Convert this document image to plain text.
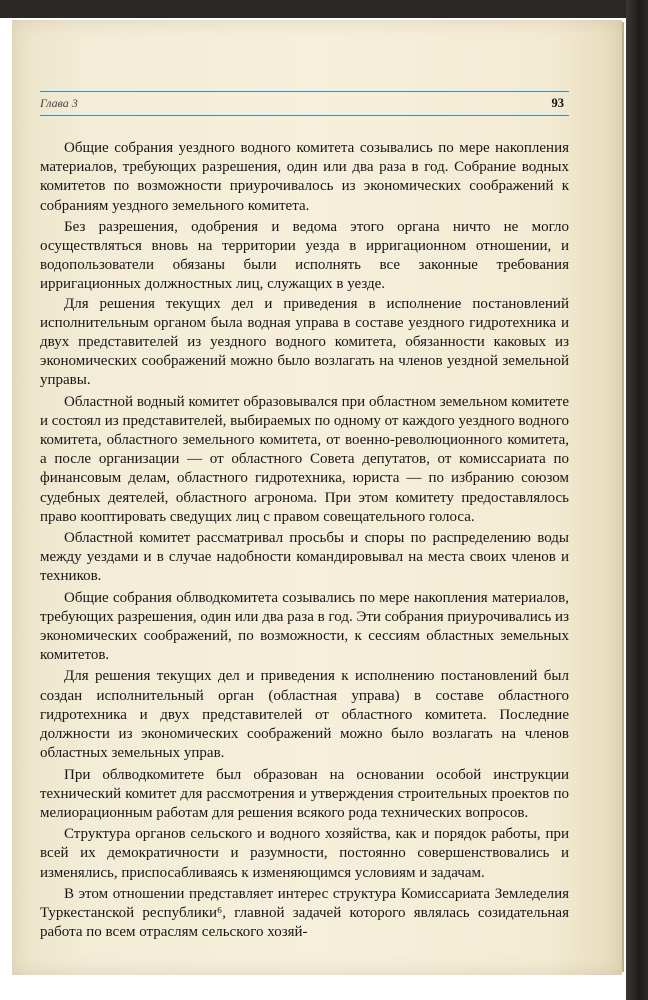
Глава 3	93

Общие собрания уездного водного комитета созывались по мере накопления материалов, требующих разрешения, один или два раза в год. Собрание водных комитетов по возможности приурочивалось из экономических соображений к собраниям уездного земельного комитета.

Без разрешения, одобрения и ведома этого органа ничто не могло осуществляться вновь на территории уезда в ирригационном отношении, и водопользователи обязаны были исполнять все законные требования ирригационных должностных лиц, служащих в уезде.

Для решения текущих дел и приведения в исполнение постановлений исполнительным органом была водная управа в составе уездного гидротехника и двух представителей из уездного водного комитета, обязанности каковых из экономических соображений можно было возлагать на членов уездной земельной управы.

Областной водный комитет образовывался при областном земельном комитете и состоял из представителей, выбираемых по одному от каждого уездного водного комитета, областного земельного комитета, от военно-революционного комитета, а после организации — от областного Совета депутатов, от комиссариата по финансовым делам, областного гидротехника, юриста — по избранию союзом судебных деятелей, областного агронома. При этом комитету предоставлялось право кооптировать сведущих лиц с правом совещательного голоса.

Областной комитет рассматривал просьбы и споры по распределению воды между уездами и в случае надобности командировывал на места своих членов и техников.

Общие собрания облводкомитета созывались по мере накопления материалов, требующих разрешения, один или два раза в год. Эти собрания приурочивались из экономических соображений, по возможности, к сессиям областных земельных комитетов.

Для решения текущих дел и приведения к исполнению постановлений был создан исполнительный орган (областная управа) в составе областного гидротехника и двух представителей от областного комитета. Последние должности из экономических соображений можно было возлагать на членов областных земельных управ.

При облводкомитете был образован на основании особой инструкции технический комитет для рассмотрения и утверждения строительных проектов по мелиорационным работам для решения всякого рода технических вопросов.

Структура органов сельского и водного хозяйства, как и порядок работы, при всей их демократичности и разумности, постоянно совершенствовались и изменялись, приспосабливаясь к изменяющимся условиям и задачам.

В этом отношении представляет интерес структура Комиссариата Земледелия Туркестанской республики⁶, главной задачей которого являлась созидательная работа по всем отраслям сельского хозяй-
